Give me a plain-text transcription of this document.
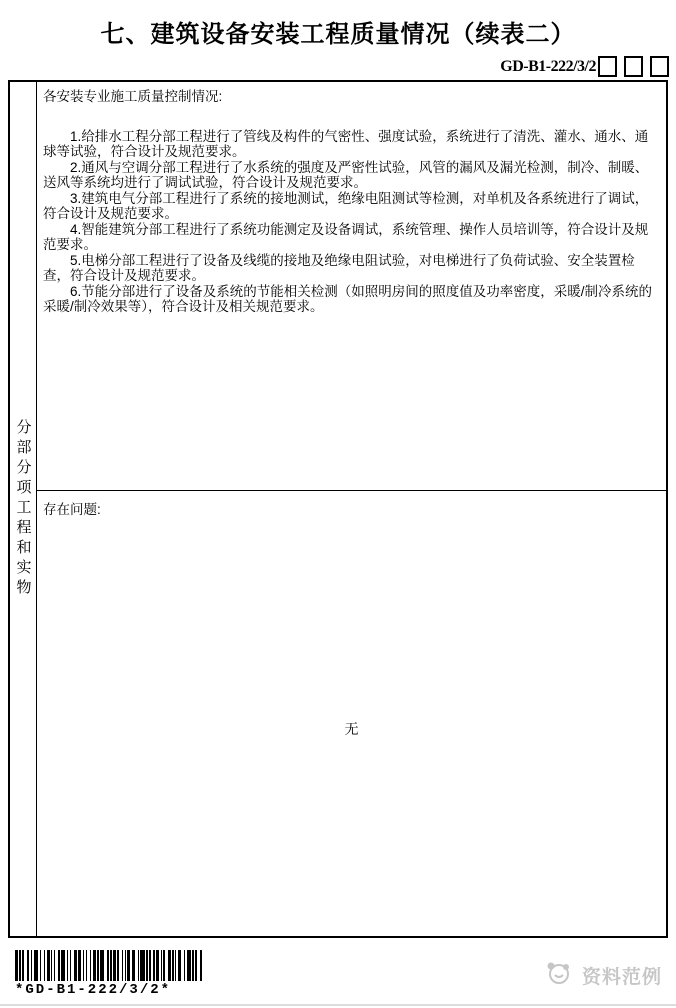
七、建筑设备安装工程质量情况（续表二）
GD-B1-222/3/2
分部分项工程和实物
各安装专业施工质量控制情况:

1.给排水工程分部工程进行了管线及构件的气密性、强度试验，系统进行了清洗、灌水、通水、通球等试验，符合设计及规范要求。

2.通风与空调分部工程进行了水系统的强度及严密性试验，风管的漏风及漏光检测，制冷、制暖、送风等系统均进行了调试试验，符合设计及规范要求。

3.建筑电气分部工程进行了系统的接地测试，绝缘电阻测试等检测，对单机及各系统进行了调试，符合设计及规范要求。

4.智能建筑分部工程进行了系统功能测定及设备调试，系统管理、操作人员培训等，符合设计及规范要求。

5.电梯分部工程进行了设备及线缆的接地及绝缘电阻试验，对电梯进行了负荷试验、安全装置检查，符合设计及规范要求。

6.节能分部进行了设备及系统的节能相关检测（如照明房间的照度值及功率密度，采暖/制冷系统的采暖/制冷效果等），符合设计及相关规范要求。

存在问题:
无
*GD-B1-222/3/2*
资料范例
